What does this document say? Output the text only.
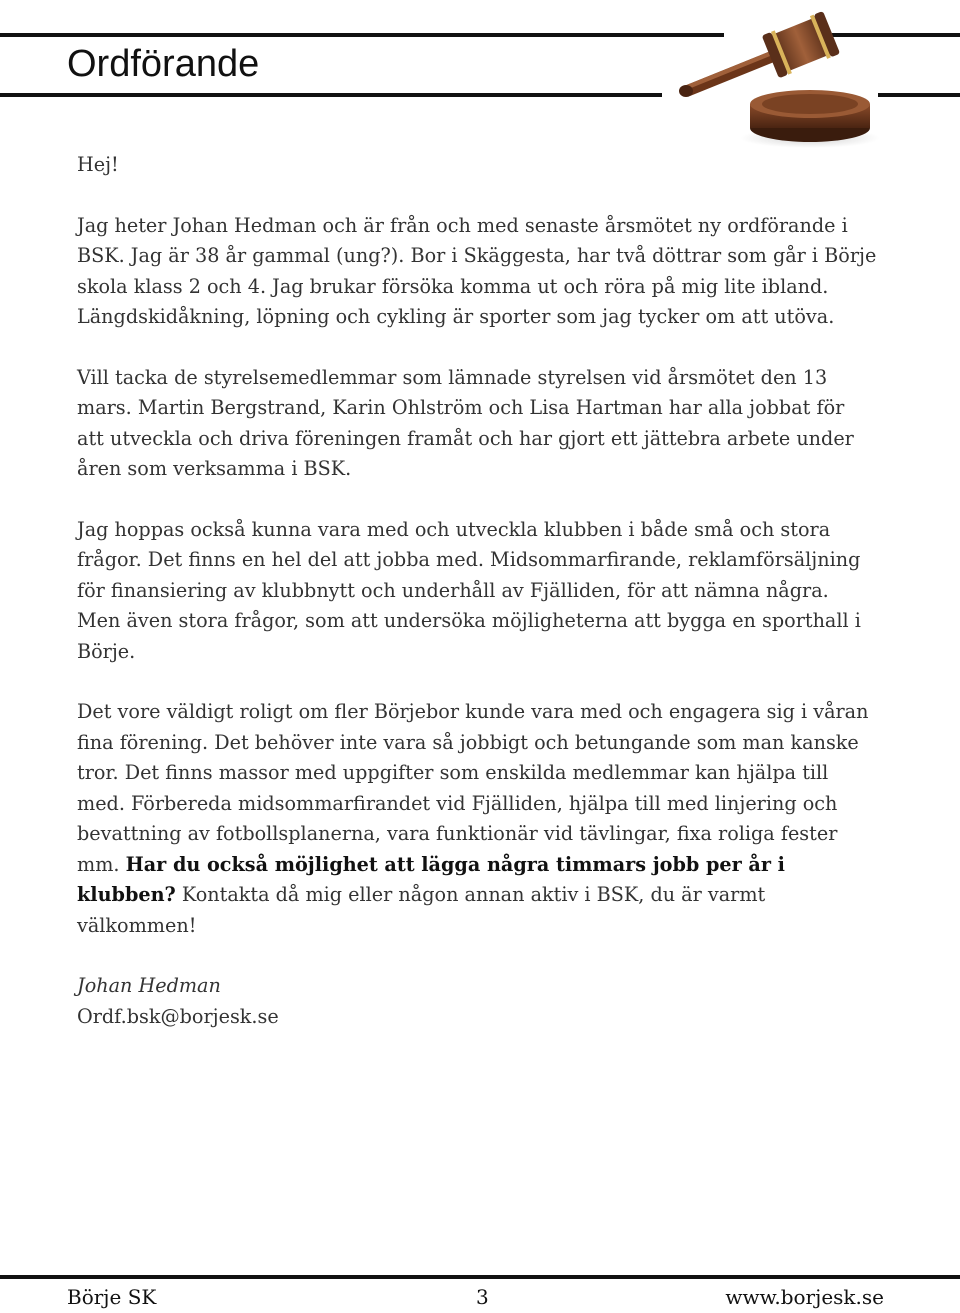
Ordförande

Hej!

Jag heter Johan Hedman och är från och med senaste årsmötet ny ordförande i BSK. Jag är 38 år gammal (ung?). Bor i Skäggesta, har två döttrar som går i Börje skola klass 2 och 4. Jag brukar försöka komma ut och röra på mig lite ibland. Längdskidåkning, löpning och cykling är sporter som jag tycker om att utöva.

Vill tacka de styrelsemedlemmar som lämnade styrelsen vid årsmötet den 13 mars. Martin Bergstrand, Karin Ohlström och Lisa Hartman har alla jobbat för att utveckla och driva föreningen framåt och har gjort ett jättebra arbete under åren som verksamma i BSK.

Jag hoppas också kunna vara med och utveckla klubben i både små och stora frågor. Det finns en hel del att jobba med. Midsommarfirande, reklamförsäljning för finansiering av klubbnytt och underhåll av Fjälliden, för att nämna några. Men även stora frågor, som att undersöka möjligheterna att bygga en sporthall i Börje.

Det vore väldigt roligt om fler Börjebor kunde vara med och engagera sig i våran fina förening. Det behöver inte vara så jobbigt och betungande som man kanske tror. Det finns massor med uppgifter som enskilda medlemmar kan hjälpa till med. Förbereda midsommarfirandet vid Fjälliden, hjälpa till med linjering och bevattning av fotbollsplanerna, vara funktionär vid tävlingar, fixa roliga fester mm. Har du också möjlighet att lägga några timmars jobb per år i klubben? Kontakta då mig eller någon annan aktiv i BSK, du är varmt välkommen!

Johan Hedman
Ordf.bsk@borjesk.se
Börje SK	3	www.borjesk.se
